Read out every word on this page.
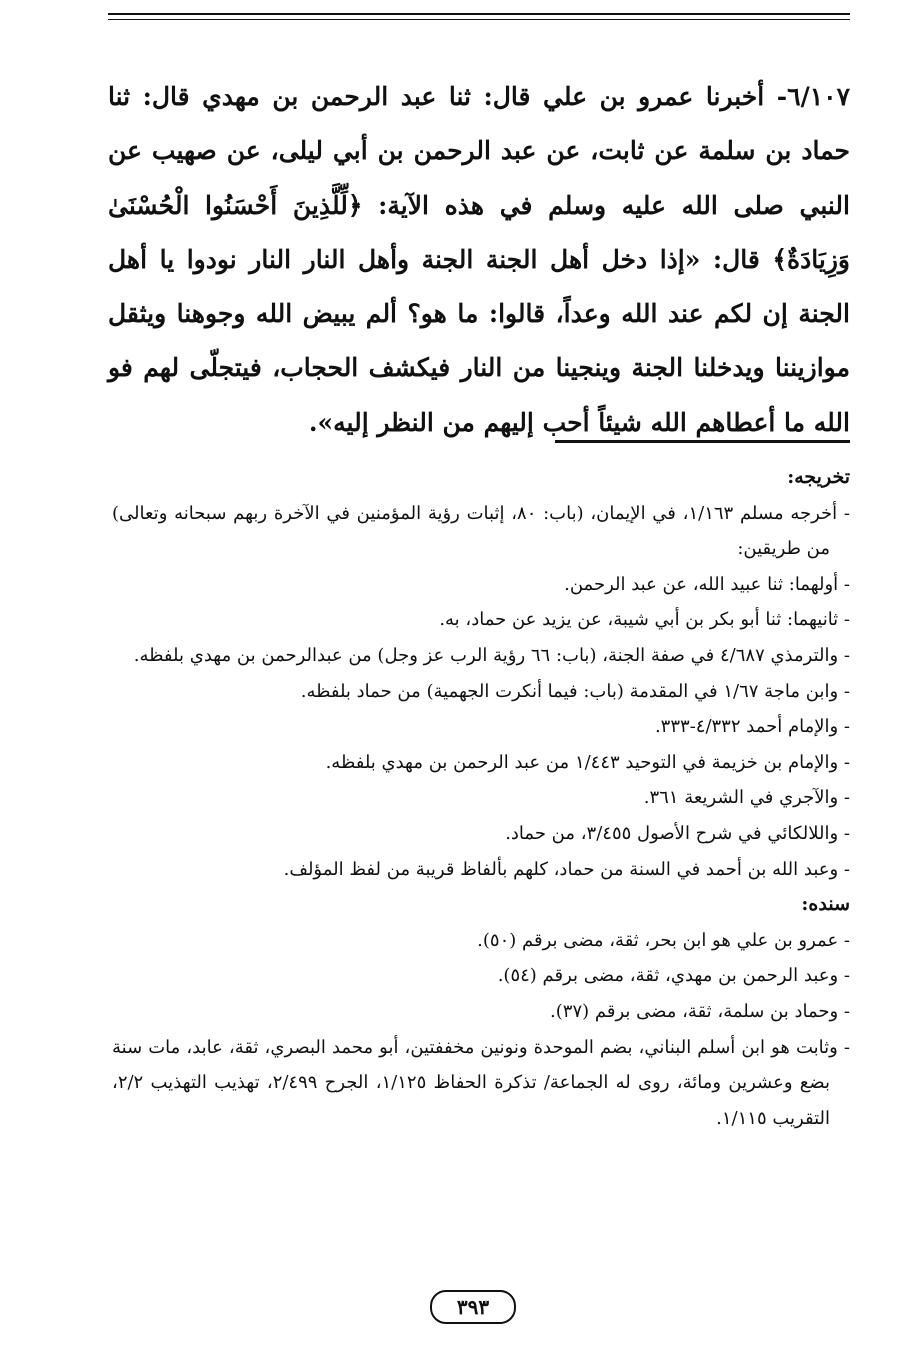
٦/١٠٧- أخبرنا عمرو بن علي قال: ثنا عبد الرحمن بن مهدي قال: ثنا حماد بن سلمة عن ثابت، عن عبد الرحمن بن أبي ليلى، عن صهيب عن النبي صلى الله عليه وسلم في هذه الآية: ﴿لِّلَّذِينَ أَحْسَنُوا الْحُسْنَىٰ وَزِيَادَةٌ﴾ قال: «إذا دخل أهل الجنة الجنة وأهل النار النار نودوا يا أهل الجنة إن لكم عند الله وعداً، قالوا: ما هو؟ ألم يبيض الله وجوهنا ويثقل موازيننا ويدخلنا الجنة وينجينا من النار فيكشف الحجاب، فيتجلّى لهم فو الله ما أعطاهم الله شيئاً أحب إليهم من النظر إليه».
تخريجه:
- أخرجه مسلم ١/١٦٣، في الإيمان، (باب: ٨٠، إثبات رؤية المؤمنين في الآخرة ربهم سبحانه وتعالى) من طريقين:
- أولهما: ثنا عبيد الله، عن عبد الرحمن.
- ثانيهما: ثنا أبو بكر بن أبي شيبة، عن يزيد عن حماد، به.
- والترمذي ٤/٦٨٧ في صفة الجنة، (باب: ٦٦ رؤية الرب عز وجل) من عبدالرحمن بن مهدي بلفظه.
- وابن ماجة ١/٦٧ في المقدمة (باب: فيما أنكرت الجهمية) من حماد بلفظه.
- والإمام أحمد ٤/٣٣٢-٣٣٣.
- والإمام بن خزيمة في التوحيد ١/٤٤٣ من عبد الرحمن بن مهدي بلفظه.
- والآجري في الشريعة ٣٦١.
- واللالكائي في شرح الأصول ٣/٤٥٥، من حماد.
- وعبد الله بن أحمد في السنة من حماد، كلهم بألفاظ قريبة من لفظ المؤلف.
سنده:
- عمرو بن علي هو ابن بحر، ثقة، مضى برقم (٥٠).
- وعبد الرحمن بن مهدي، ثقة، مضى برقم (٥٤).
- وحماد بن سلمة، ثقة، مضى برقم (٣٧).
- وثابت هو ابن أسلم البناني، بضم الموحدة ونونين مخففتين، أبو محمد البصري، ثقة، عابد، مات سنة بضع وعشرين ومائة، روى له الجماعة/ تذكرة الحفاظ ١/١٢٥، الجرح ٢/٤٩٩، تهذيب التهذيب ٢/٢، التقريب ١/١١٥.
٣٩٣
